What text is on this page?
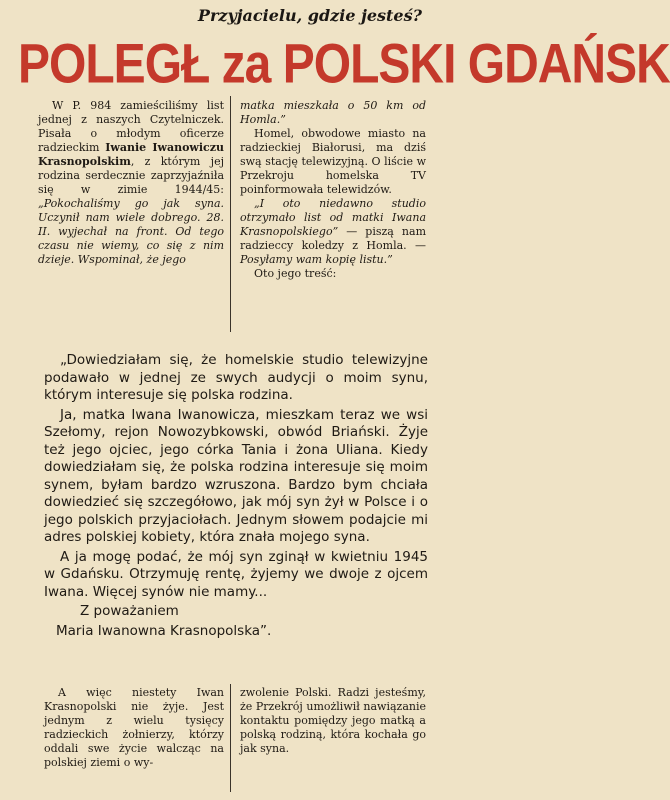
Przyjacielu, gdzie jesteś?
POLEGŁ za POLSKI GDAŃSK

W P. 984 zamieściliśmy list jednej z naszych Czytelniczek. Pisała o młodym oficerze radzieckim Iwanie Iwanowiczu Krasnopolskim, z którym jej rodzina serdecznie zaprzyjaźniła się w zimie 1944/45: „Pokochaliśmy go jak syna. Uczynił nam wiele dobrego. 28. II. wyjechał na front. Od tego czasu nie wiemy, co się z nim dzieje. Wspominał, że jego

matka mieszkała o 50 km od Homla.”

Homel, obwodowe miasto na radzieckiej Białorusi, ma dziś swą stację telewizyjną. O liście w Przekroju homelska TV poinformowała telewidzów.

„I oto niedawno studio otrzymało list od matki Iwana Krasnopolskiego” — piszą nam radzieccy koledzy z Homla. — Posyłamy wam kopię listu.”

Oto jego treść:

„Dowiedziałam się, że homelskie studio telewizyjne podawało w jednej ze swych audycji o moim synu, którym interesuje się polska rodzina.

Ja, matka Iwana Iwanowicza, mieszkam teraz we wsi Szełomy, rejon Nowozybkowski, obwód Briański. Żyje też jego ojciec, jego córka Tania i żona Uliana. Kiedy dowiedziałam się, że polska rodzina interesuje się moim synem, byłam bardzo wzruszona. Bardzo bym chciała dowiedzieć się szczegółowo, jak mój syn żył w Polsce i o jego polskich przyjaciołach. Jednym słowem podajcie mi adres polskiej kobiety, która znała mojego syna.

A ja mogę podać, że mój syn zginął w kwietniu 1945 w Gdańsku. Otrzymuję rentę, żyjemy we dwoje z ojcem Iwana. Więcej synów nie mamy...

Z poważaniem

Maria Iwanowna Krasnopolska”.

A więc niestety Iwan Krasnopolski nie żyje. Jest jednym z wielu tysięcy radzieckich żołnierzy, którzy oddali swe życie walcząc na polskiej ziemi o wy-

zwolenie Polski. Radzi jesteśmy, że Przekrój umożliwił nawiązanie kontaktu pomiędzy jego matką a polską rodziną, która kochała go jak syna.
